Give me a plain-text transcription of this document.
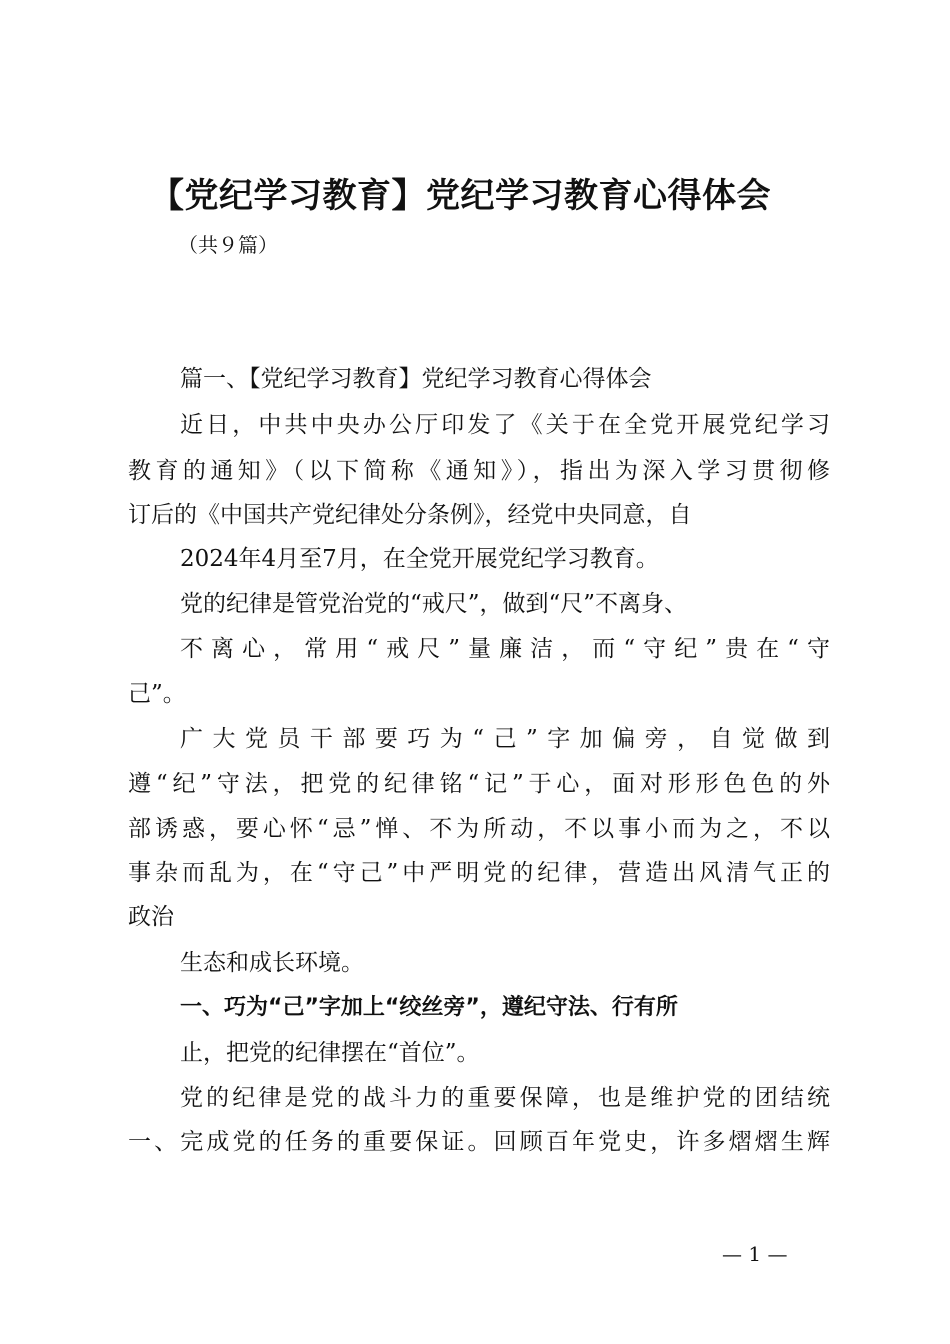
【党纪学习教育】党纪学习教育心得体会
（共９篇）
篇一、【党纪学习教育】党纪学习教育心得体会
近日，中共中央办公厅印发了《关于在全党开展党纪学习
教育的通知》（以下简称《通知》），指出为深入学习贯彻修
订后的《中国共产党纪律处分条例》，经党中央同意，自
2024年4月至7月，在全党开展党纪学习教育。
党的纪律是管党治党的“戒尺”，做到“尺”不离身、
不离心，常用“戒尺”量廉洁，而“守纪”贵在“守
己”。
广大党员干部要巧为“己”字加偏旁，自觉做到
遵“纪”守法，把党的纪律铭“记”于心，面对形形色色的外
部诱惑，要心怀“忌”惮、不为所动，不以事小而为之，不以
事杂而乱为，在“守己”中严明党的纪律，营造出风清气正的
政治
生态和成长环境。
一、巧为“己”字加上“绞丝旁”，遵纪守法、行有所
止，把党的纪律摆在“首位”。
党的纪律是党的战斗力的重要保障，也是维护党的团结统
一、完成党的任务的重要保证。回顾百年党史，许多熠熠生辉
— 1 —
